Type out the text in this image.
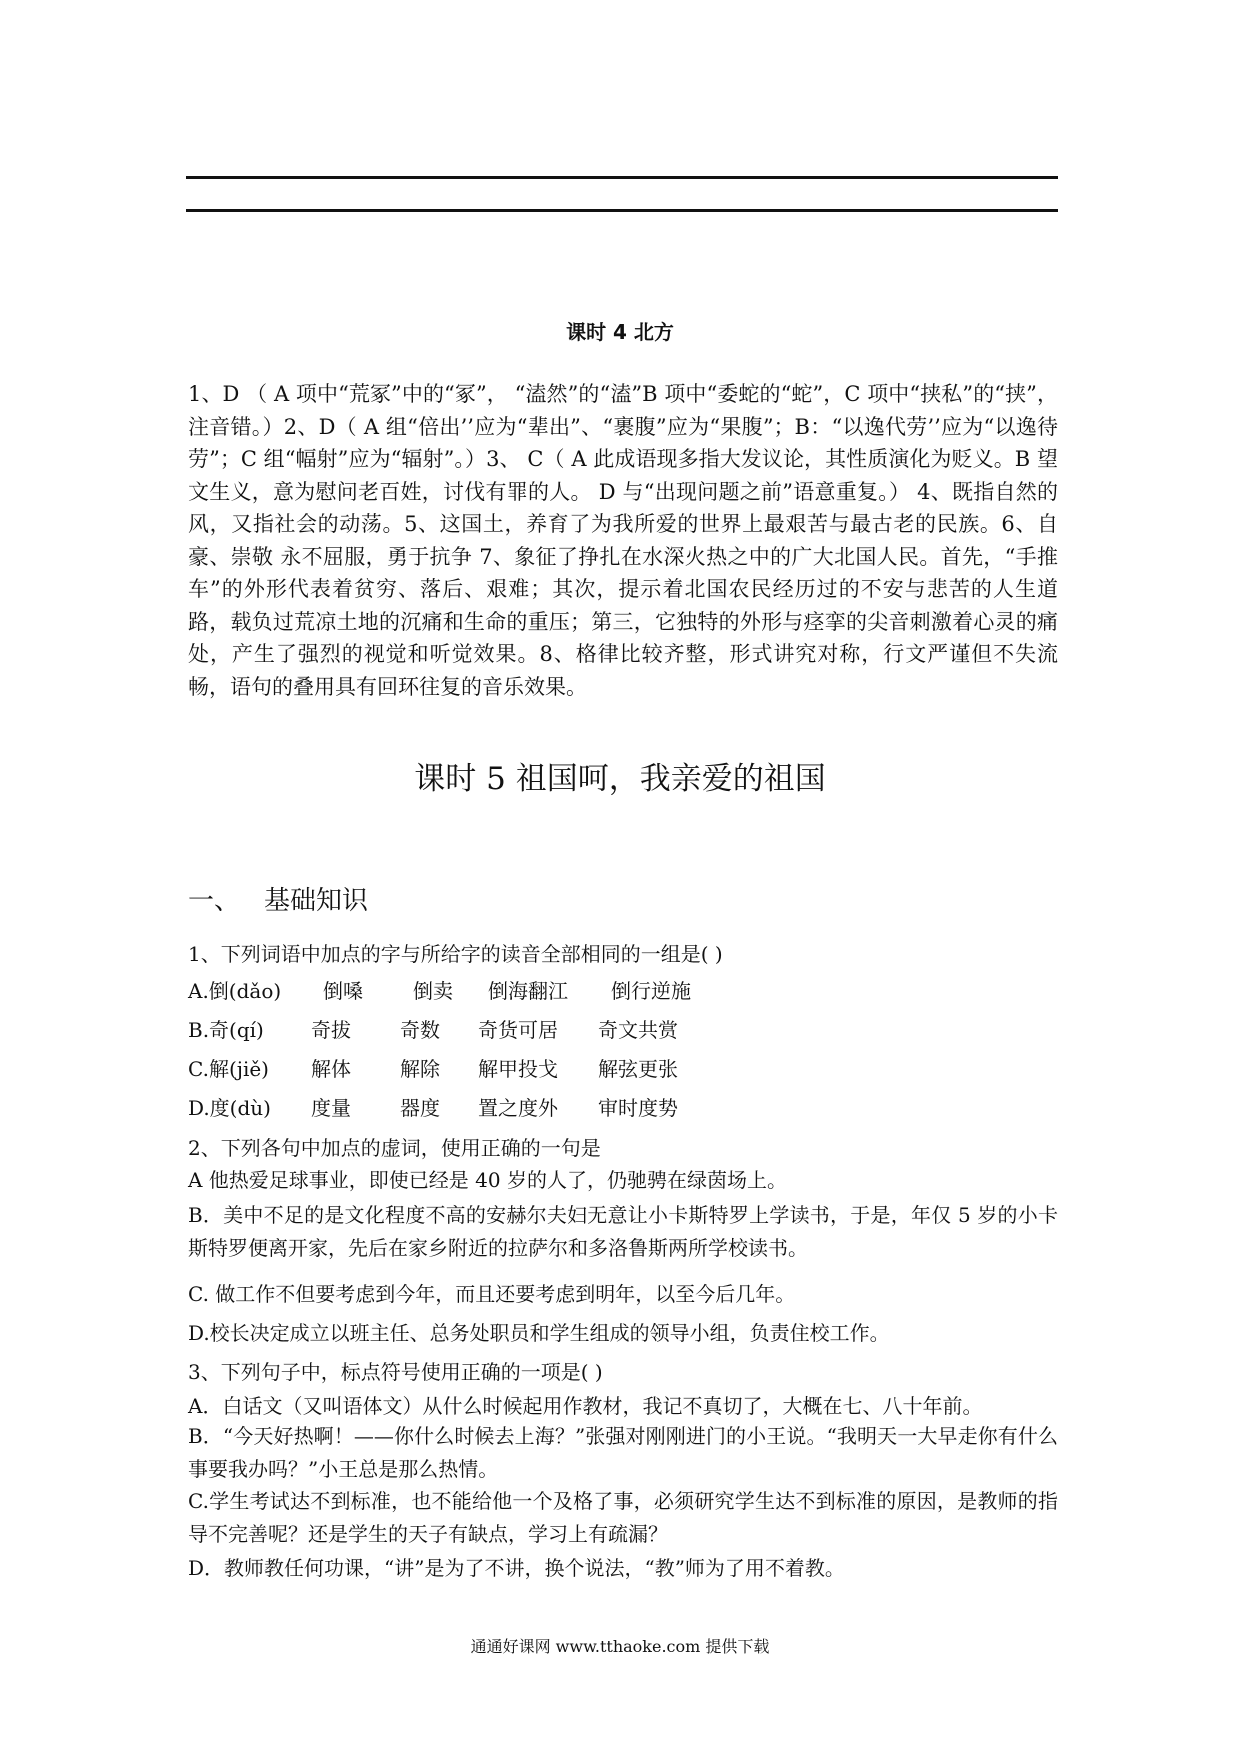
课时 4 北方

1、D （ A 项中“荒冢”中的“冢”， “溘然”的“溘”B 项中“委蛇的“蛇”，C 项中“挟私”的“挟”， 注音错。）2、D（ A 组“倍出’’应为“辈出”、“裹腹”应为“果腹”；B：“以逸代劳’’应为“以逸待劳”；C 组“幅射”应为“辐射”。）3、 C（ A 此成语现多指大发议论，其性质演化为贬义。B 望文生义，意为慰问老百姓，讨伐有罪的人。 D 与“出现问题之前”语意重复。） 4、既指自然的风，又指社会的动荡。5、这国土，养育了为我所爱的世界上最艰苦与最古老的民族。6、自豪、崇敬 永不屈服，勇于抗争 7、象征了挣扎在水深火热之中的广大北国人民。首先，“手推车”的外形代表着贫穷、落后、艰难；其次，提示着北国农民经历过的不安与悲苦的人生道路，载负过荒凉土地的沉痛和生命的重压；第三，它独特的外形与痉挛的尖音刺激着心灵的痛处，产生了强烈的视觉和听觉效果。8、格律比较齐整，形式讲究对称，行文严谨但不失流畅，语句的叠用具有回环往复的音乐效果。

课时 5 祖国呵，我亲爱的祖国
一、 基础知识

1、下列词语中加点的字与所给字的读音全部相同的一组是( )

A.倒(dǎo) 倒嗓	倒卖 倒海翻江 倒行逆施
B.奇(qí) 奇拔 奇数 奇货可居 奇文共赏
C.解(jiě) 解体 解除 解甲投戈 解弦更张
D.度(dù) 度量 器度 置之度外 审时度势

2、下列各句中加点的虚词，使用正确的一句是

A 他热爱足球事业，即使已经是 40 岁的人了，仍驰骋在绿茵场上。

B．美中不足的是文化程度不高的安赫尔夫妇无意让小卡斯特罗上学读书，于是，年仅 5 岁的小卡斯特罗便离开家，先后在家乡附近的拉萨尔和多洛鲁斯两所学校读书。

C. 做工作不但要考虑到今年，而且还要考虑到明年，以至今后几年。

D.校长决定成立以班主任、总务处职员和学生组成的领导小组，负责住校工作。

3、下列句子中，标点符号使用正确的一项是( )

A．白话文（又叫语体文）从什么时候起用作教材，我记不真切了，大概在七、八十年前。

B．“今天好热啊！——你什么时候去上海？”张强对刚刚进门的小王说。“我明天一大早走你有什么事要我办吗？”小王总是那么热情。

C.学生考试达不到标准，也不能给他一个及格了事，必须研究学生达不到标准的原因，是教师的指导不完善呢？还是学生的天子有缺点，学习上有疏漏？

D．教师教任何功课，“讲”是为了不讲，换个说法，“教”师为了用不着教。

通通好课网 www.tthaoke.com 提供下载
